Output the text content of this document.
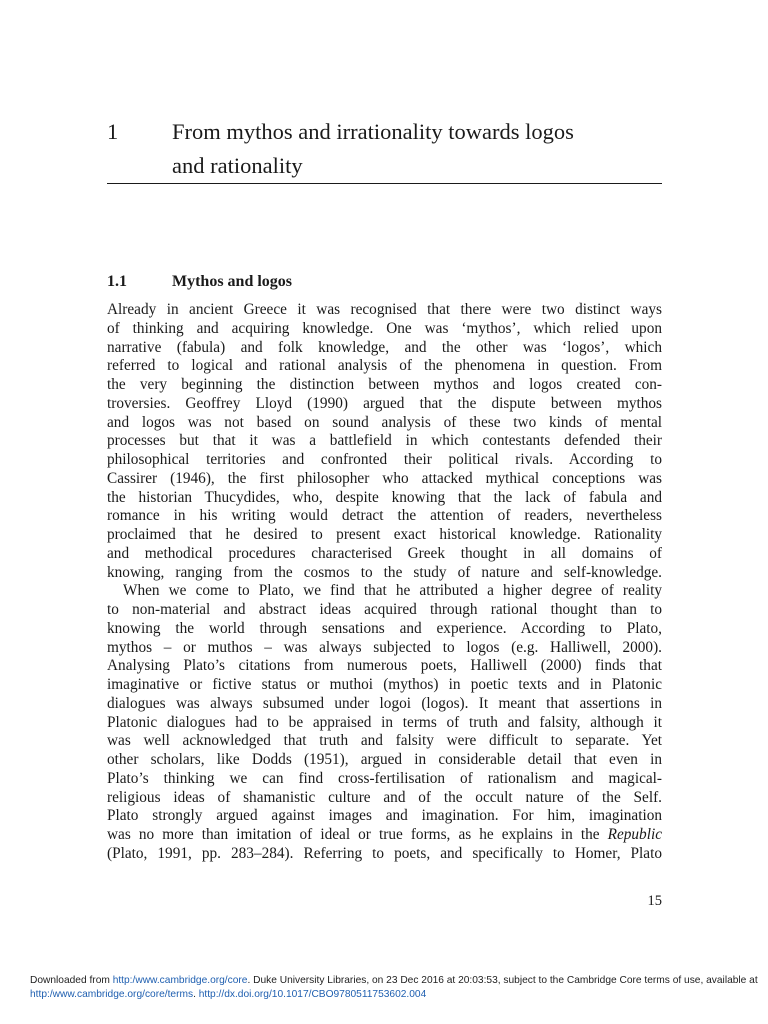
1 From mythos and irrationality towards logos
and rationality
1.1	Mythos and logos
Already in ancient Greece it was recognised that there were two distinct ways
of thinking and acquiring knowledge. One was ‘mythos’, which relied upon
narrative (fabula) and folk knowledge, and the other was ‘logos’, which
referred to logical and rational analysis of the phenomena in question. From
the very beginning the distinction between mythos and logos created con-
troversies. Geoffrey Lloyd (1990) argued that the dispute between mythos
and logos was not based on sound analysis of these two kinds of mental
processes but that it was a battlefield in which contestants defended their
philosophical territories and confronted their political rivals. According to
Cassirer (1946), the first philosopher who attacked mythical conceptions was
the historian Thucydides, who, despite knowing that the lack of fabula and
romance in his writing would detract the attention of readers, nevertheless
proclaimed that he desired to present exact historical knowledge. Rationality
and methodical procedures characterised Greek thought in all domains of
knowing, ranging from the cosmos to the study of nature and self-knowledge.
When we come to Plato, we find that he attributed a higher degree of reality
to non-material and abstract ideas acquired through rational thought than to
knowing the world through sensations and experience. According to Plato,
mythos – or muthos – was always subjected to logos (e.g. Halliwell, 2000).
Analysing Plato’s citations from numerous poets, Halliwell (2000) finds that
imaginative or fictive status or muthoi (mythos) in poetic texts and in Platonic
dialogues was always subsumed under logoi (logos). It meant that assertions in
Platonic dialogues had to be appraised in terms of truth and falsity, although it
was well acknowledged that truth and falsity were difficult to separate. Yet
other scholars, like Dodds (1951), argued in considerable detail that even in
Plato’s thinking we can find cross-fertilisation of rationalism and magical-
religious ideas of shamanistic culture and of the occult nature of the Self.
Plato strongly argued against images and imagination. For him, imagination
was no more than imitation of ideal or true forms, as he explains in the Republic
(Plato, 1991, pp. 283–284). Referring to poets, and specifically to Homer, Plato
15
Downloaded from http:/www.cambridge.org/core. Duke University Libraries, on 23 Dec 2016 at 20:03:53, subject to the Cambridge Core terms of use, available at http:/www.cambridge.org/core/terms. http://dx.doi.org/10.1017/CBO9780511753602.004
